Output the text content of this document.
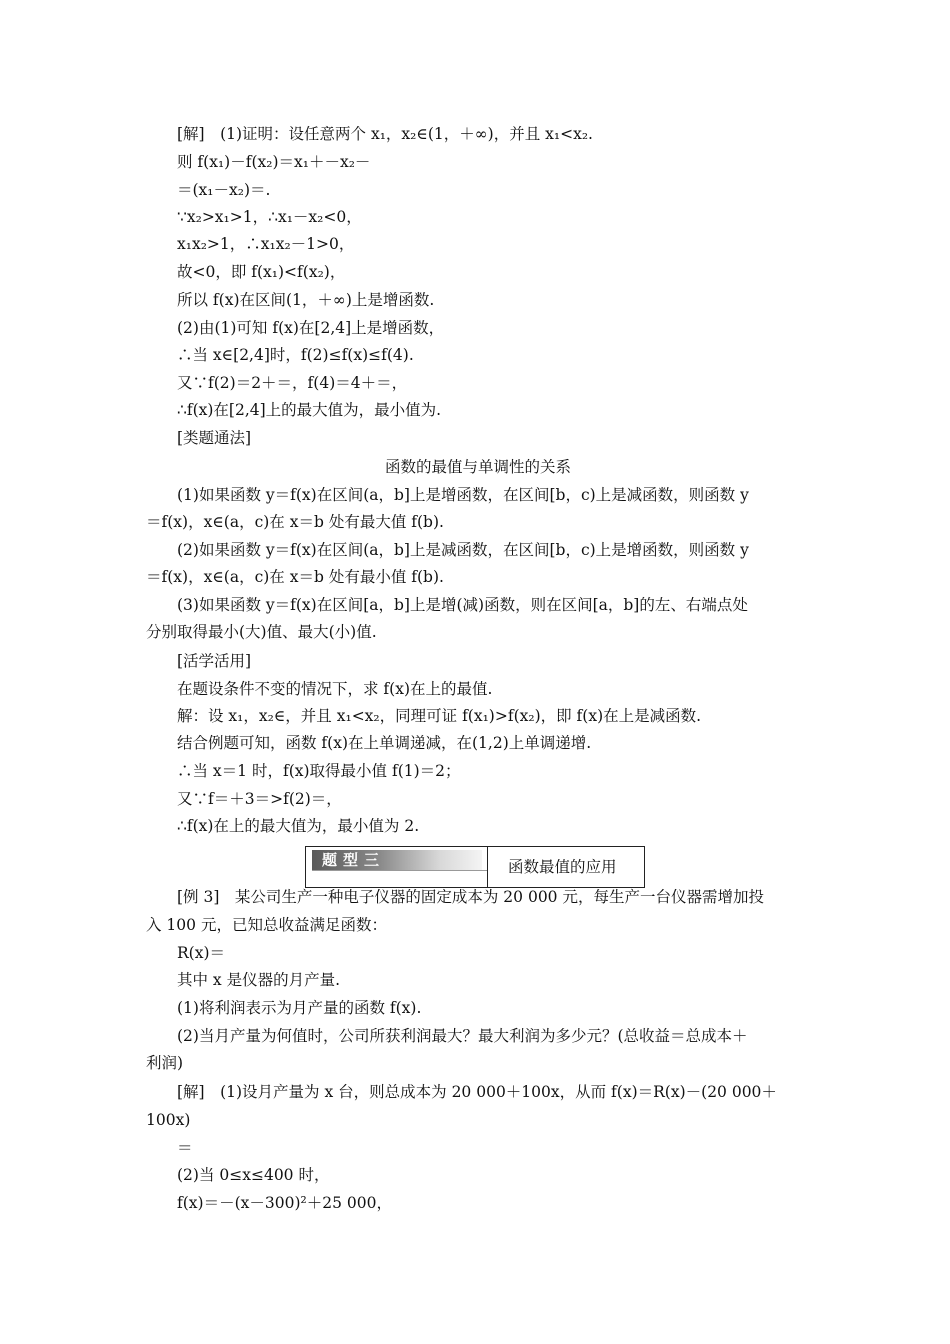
[解]　(1)证明：设任意两个 x₁，x₂∈(1，＋∞)，并且 x₁<x₂.
则 f(x₁)－f(x₂)＝x₁＋－x₂－
＝(x₁－x₂)＝.
∵x₂>x₁>1，∴x₁－x₂<0，
x₁x₂>1，∴x₁x₂－1>0，
故<0，即 f(x₁)<f(x₂)，
所以 f(x)在区间(1，＋∞)上是增函数.
(2)由(1)可知 f(x)在[2,4]上是增函数，
∴当 x∈[2,4]时，f(2)≤f(x)≤f(4).
又∵f(2)＝2＋＝，f(4)＝4＋＝，
∴f(x)在[2,4]上的最大值为，最小值为.
[类题通法]
函数的最值与单调性的关系
(1)如果函数 y＝f(x)在区间(a，b]上是增函数，在区间[b，c)上是减函数，则函数 y
＝f(x)，x∈(a，c)在 x＝b 处有最大值 f(b).
(2)如果函数 y＝f(x)在区间(a，b]上是减函数，在区间[b，c)上是增函数，则函数 y
＝f(x)，x∈(a，c)在 x＝b 处有最小值 f(b).
(3)如果函数 y＝f(x)在区间[a，b]上是增(减)函数，则在区间[a，b]的左、右端点处
分别取得最小(大)值、最大(小)值.
[活学活用]
在题设条件不变的情况下，求 f(x)在上的最值.
解：设 x₁，x₂∈，并且 x₁<x₂，同理可证 f(x₁)>f(x₂)，即 f(x)在上是减函数.
结合例题可知，函数 f(x)在上单调递减，在(1,2)上单调递增.
∴当 x＝1 时，f(x)取得最小值 f(1)＝2；
又∵f＝＋3＝>f(2)＝，
∴f(x)在上的最大值为，最小值为 2.
题型三	函数最值的应用
[例 3]　某公司生产一种电子仪器的固定成本为 20 000 元，每生产一台仪器需增加投
入 100 元，已知总收益满足函数：
R(x)＝
其中 x 是仪器的月产量.
(1)将利润表示为月产量的函数 f(x).
(2)当月产量为何值时，公司所获利润最大？最大利润为多少元？(总收益＝总成本＋
利润)
[解]　(1)设月产量为 x 台，则总成本为 20 000＋100x，从而 f(x)＝R(x)－(20 000＋
100x)
＝
(2)当 0≤x≤400 时，
f(x)＝－(x－300)²＋25 000，
